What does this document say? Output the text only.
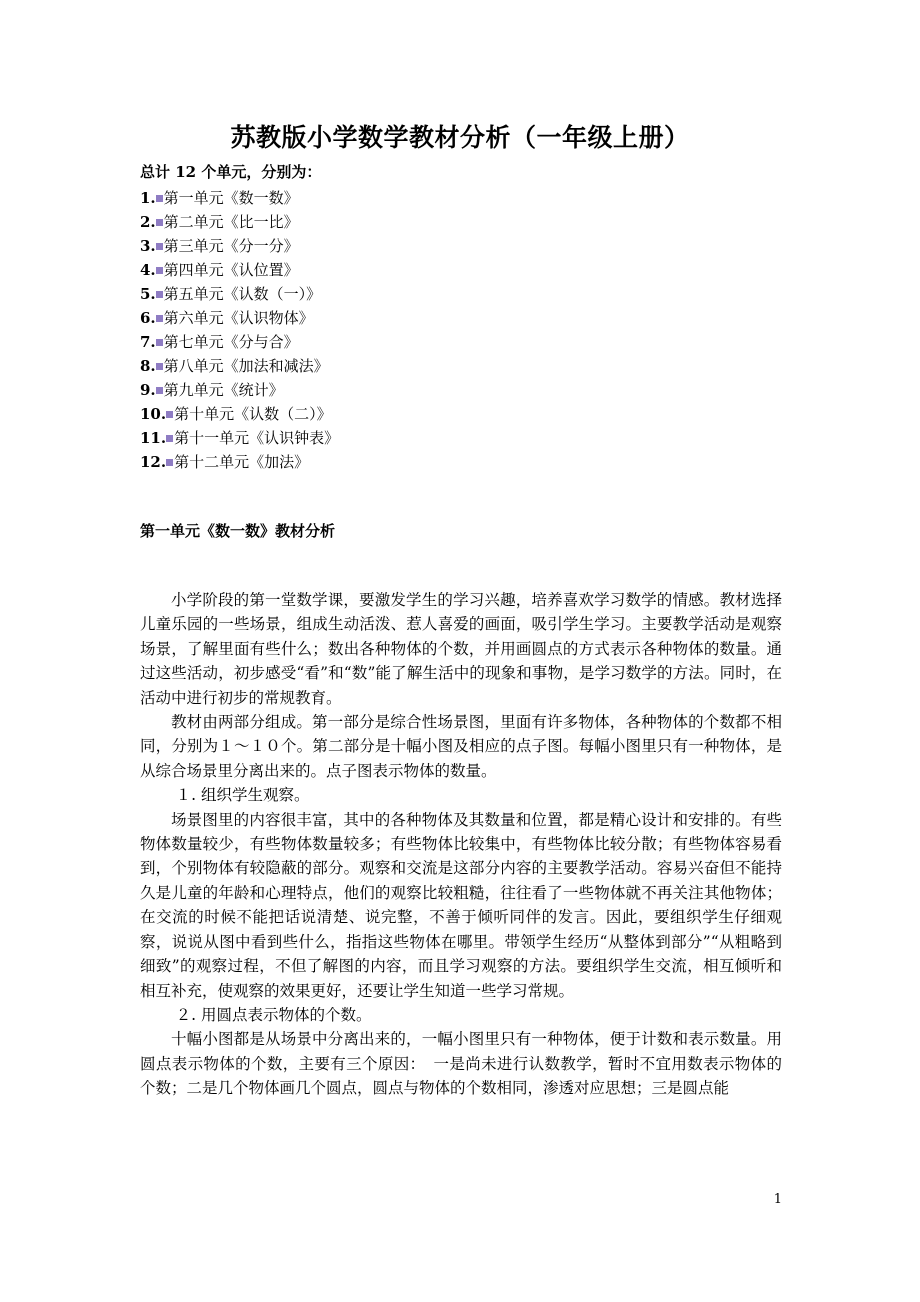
苏教版小学数学教材分析（一年级上册）
总计 12 个单元，分别为：
1. 第一单元《数一数》
2. 第二单元《比一比》
3. 第三单元《分一分》
4. 第四单元《认位置》
5. 第五单元《认数（一）》
6. 第六单元《认识物体》
7. 第七单元《分与合》
8. 第八单元《加法和减法》
9. 第九单元《统计》
10. 第十单元《认数（二）》
11. 第十一单元《认识钟表》
12. 第十二单元《加法》
第一单元《数一数》教材分析

小学阶段的第一堂数学课，要激发学生的学习兴趣，培养喜欢学习数学的情感。教材选择儿童乐园的一些场景，组成生动活泼、惹人喜爱的画面，吸引学生学习。主要教学活动是观察场景，了解里面有些什么；数出各种物体的个数，并用画圆点的方式表示各种物体的数量。通过这些活动，初步感受“看”和“数”能了解生活中的现象和事物，是学习数学的方法。同时，在活动中进行初步的常规教育。

教材由两部分组成。第一部分是综合性场景图，里面有许多物体，各种物体的个数都不相同，分别为１～１０个。第二部分是十幅小图及相应的点子图。每幅小图里只有一种物体，是从综合场景里分离出来的。点子图表示物体的数量。

１. 组织学生观察。

场景图里的内容很丰富，其中的各种物体及其数量和位置，都是精心设计和安排的。有些物体数量较少，有些物体数量较多；有些物体比较集中，有些物体比较分散；有些物体容易看到，个别物体有较隐蔽的部分。观察和交流是这部分内容的主要教学活动。容易兴奋但不能持久是儿童的年龄和心理特点，他们的观察比较粗糙，往往看了一些物体就不再关注其他物体；在交流的时候不能把话说清楚、说完整，不善于倾听同伴的发言。因此，要组织学生仔细观察，说说从图中看到些什么，指指这些物体在哪里。带领学生经历“从整体到部分”“从粗略到细致”的观察过程，不但了解图的内容，而且学习观察的方法。要组织学生交流，相互倾听和相互补充，使观察的效果更好，还要让学生知道一些学习常规。

２. 用圆点表示物体的个数。

十幅小图都是从场景中分离出来的，一幅小图里只有一种物体，便于计数和表示数量。用圆点表示物体的个数，主要有三个原因：　一是尚未进行认数教学，暂时不宜用数表示物体的个数；二是几个物体画几个圆点，圆点与物体的个数相同，渗透对应思想；三是圆点能

1
